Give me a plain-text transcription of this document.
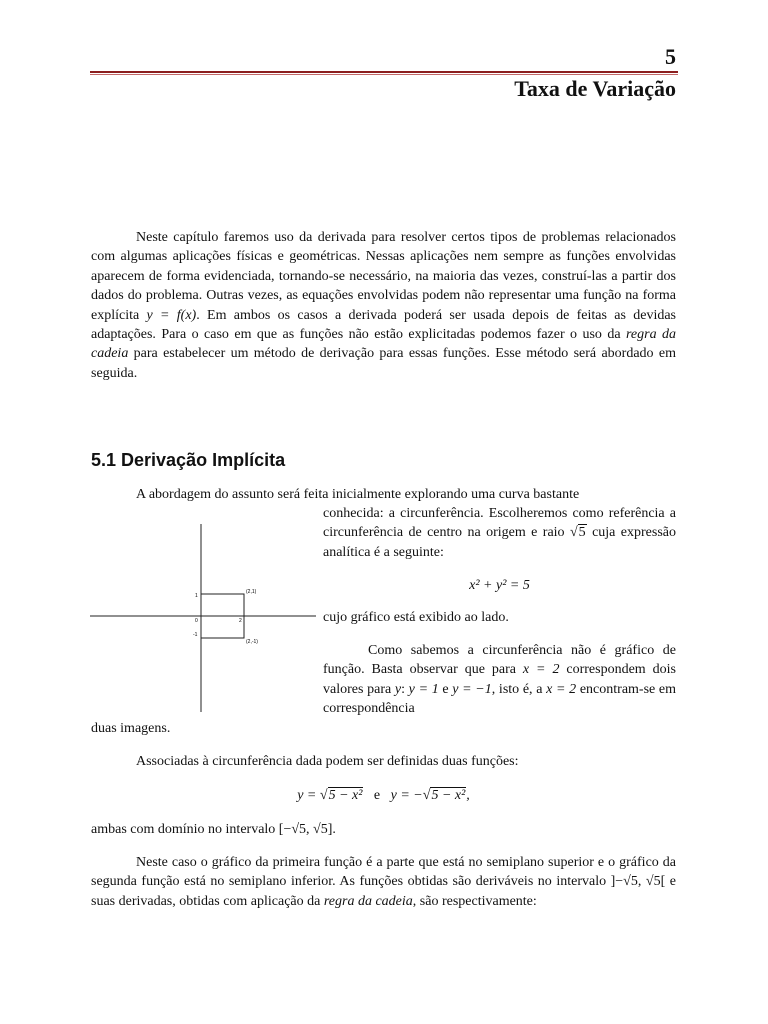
5
Taxa de Variação
Neste capítulo faremos uso da derivada para resolver certos tipos de problemas relacionados com algumas aplicações físicas e geométricas. Nessas aplicações nem sempre as funções envolvidas aparecem de forma evidenciada, tornando-se necessário, na maioria das vezes, construí-las a partir dos dados do problema. Outras vezes, as equações envolvidas podem não representar uma função na forma explícita y = f(x). Em ambos os casos a derivada poderá ser usada depois de feitas as devidas adaptações. Para o caso em que as funções não estão explicitadas podemos fazer o uso da regra da cadeia para estabelecer um método de derivação para essas funções. Esse método será abordado em seguida.
5.1 Derivação Implícita
A abordagem do assunto será feita inicialmente explorando uma curva bastante
conhecida: a circunferência. Escolheremos como referência a circunferência de centro na origem e raio √5 cuja expressão analítica é a seguinte:
x² + y² = 5
cujo gráfico está exibido ao lado.
Como sabemos a circunferência não é gráfico de função. Basta observar que para x = 2 correspondem dois valores para y: y = 1 e y = −1, isto é, a x = 2 encontram-se em correspondência
duas imagens.
(2,1)
(2,-1)
1
-1
0	2
Associadas à circunferência dada podem ser definidas duas funções:
y = √5 − x² e y = −√5 − x²,
ambas com domínio no intervalo [−√5, √5].
Neste caso o gráfico da primeira função é a parte que está no semiplano superior e o gráfico da segunda função está no semiplano inferior. As funções obtidas são deriváveis no intervalo ]−√5, √5[ e suas derivadas, obtidas com aplicação da regra da cadeia, são respectivamente:
